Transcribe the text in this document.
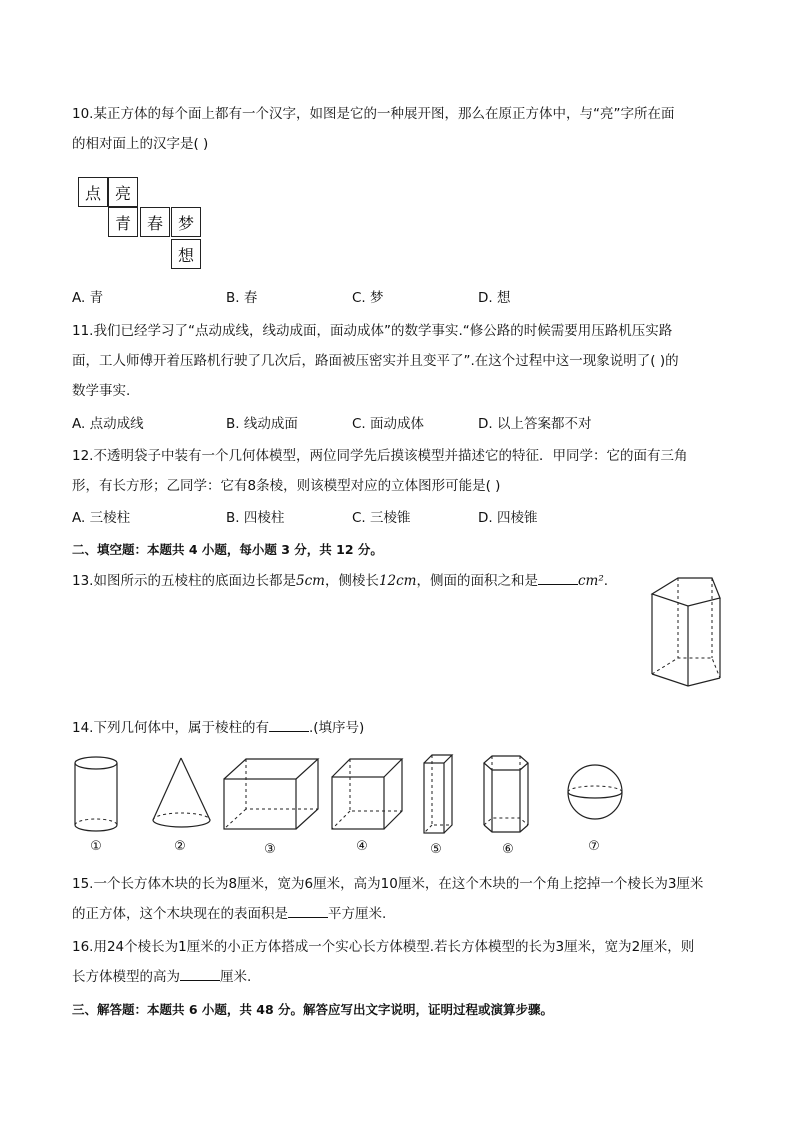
10.某正方体的每个面上都有一个汉字，如图是它的一种展开图，那么在原正方体中，与“亮”字所在面
的相对面上的汉字是( )
点 亮
青 春 梦
想
A. 青	B. 春	C. 梦	D. 想
11.我们已经学习了“点动成线，线动成面，面动成体”的数学事实.“修公路的时候需要用压路机压实路
面，工人师傅开着压路机行驶了几次后，路面被压密实并且变平了”.在这个过程中这一现象说明了( )的
数学事实.
A. 点动成线	B. 线动成面	C. 面动成体	D. 以上答案都不对
12.不透明袋子中装有一个几何体模型，两位同学先后摸该模型并描述它的特征．甲同学：它的面有三角
形，有长方形；乙同学：它有8条棱，则该模型对应的立体图形可能是( )
A. 三棱柱	B. 四棱柱	C. 三棱锥	D. 四棱锥
二、填空题：本题共 4 小题，每小题 3 分，共 12 分。
13.如图所示的五棱柱的底面边长都是5cm，侧棱长12cm，侧面的面积之和是	cm².
14.下列几何体中，属于棱柱的有	.(填序号)
①	②	③	④	⑤	⑥	⑦
15.一个长方体木块的长为8厘米，宽为6厘米，高为10厘米，在这个木块的一个角上挖掉一个棱长为3厘米
的正方体，这个木块现在的表面积是	平方厘米.
16.用24个棱长为1厘米的小正方体搭成一个实心长方体模型.若长方体模型的长为3厘米，宽为2厘米，则
长方体模型的高为	厘米.
三、解答题：本题共 6 小题，共 48 分。解答应写出文字说明，证明过程或演算步骤。
